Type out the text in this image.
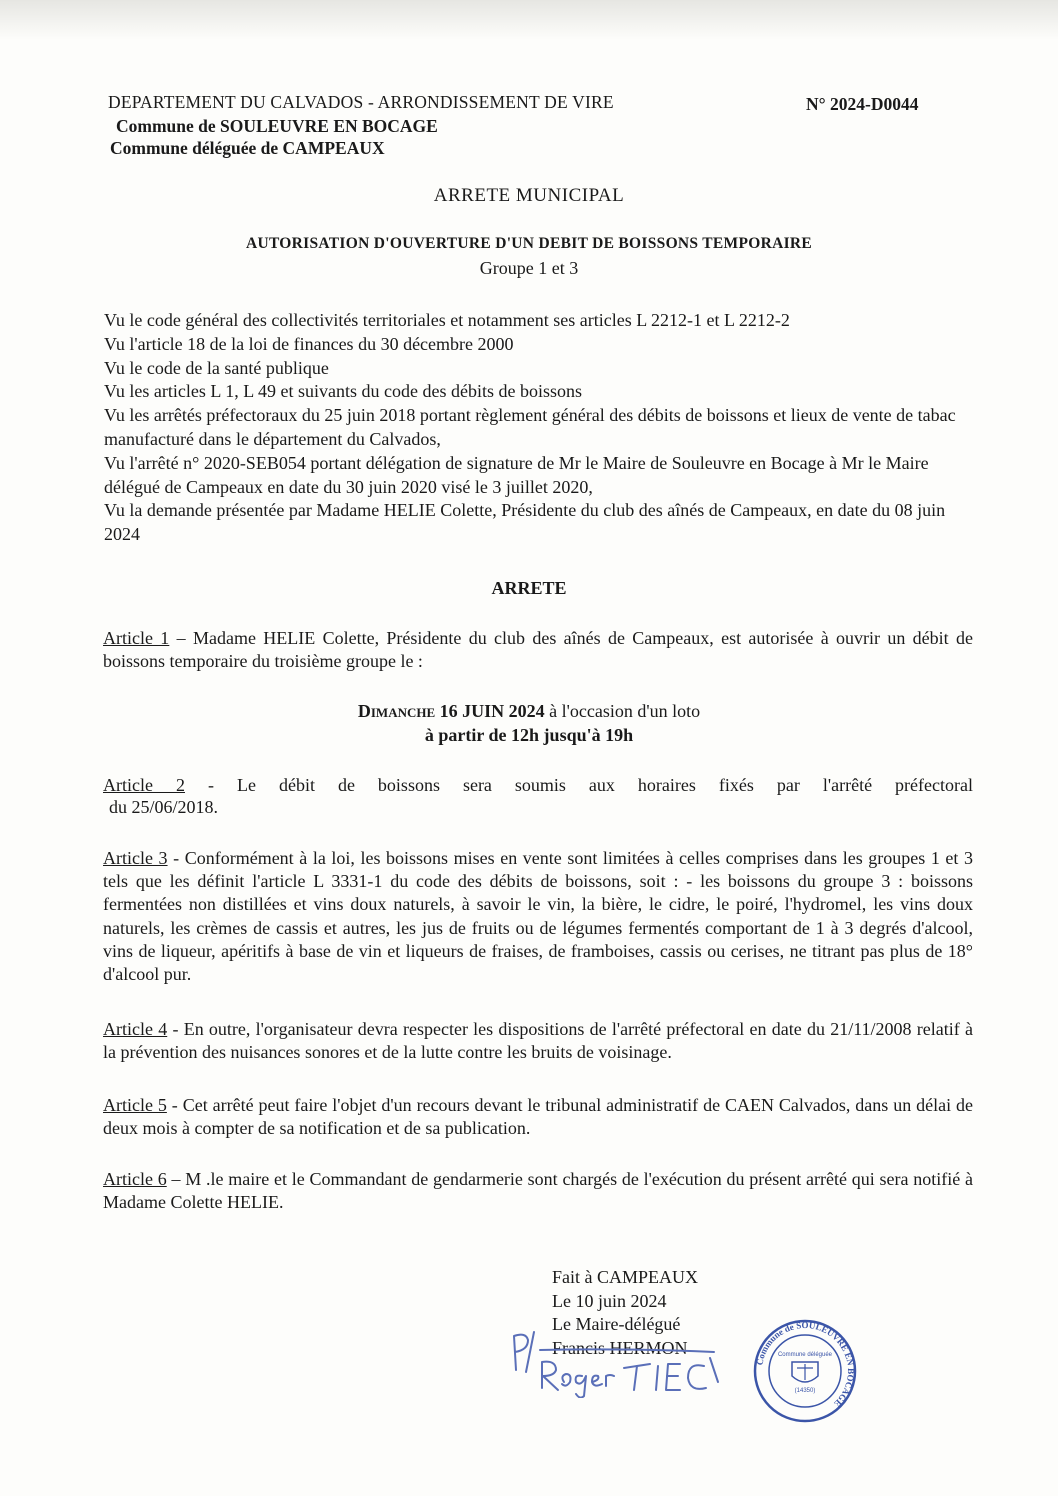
DEPARTEMENT DU CALVADOS - ARRONDISSEMENT DE VIRE	N° 2024-D0044
Commune de SOULEUVRE EN BOCAGE
Commune déléguée de CAMPEAUX
ARRETE MUNICIPAL
AUTORISATION D'OUVERTURE D'UN DEBIT DE BOISSONS TEMPORAIRE
Groupe 1 et 3
Vu le code général des collectivités territoriales et notamment ses articles L 2212-1 et L 2212-2
Vu l'article 18 de la loi de finances du 30 décembre 2000
Vu le code de la santé publique
Vu les articles L 1, L 49 et suivants du code des débits de boissons
Vu les arrêtés préfectoraux du 25 juin 2018 portant règlement général des débits de boissons et lieux de vente de tabac manufacturé dans le département du Calvados,
Vu l'arrêté n° 2020-SEB054 portant délégation de signature de Mr le Maire de Souleuvre en Bocage à Mr le Maire délégué de Campeaux en date du 30 juin 2020 visé le 3 juillet 2020,
Vu la demande présentée par Madame HELIE Colette, Présidente du club des aînés de Campeaux, en date du 08 juin 2024
ARRETE
Article 1 – Madame HELIE Colette, Présidente du club des aînés de Campeaux, est autorisée à ouvrir un débit de boissons temporaire du troisième groupe le :
Dimanche 16 JUIN 2024 à l'occasion d'un loto
à partir de 12h jusqu'à 19h
Article 2 - Le débit de boissons sera soumis aux horaires fixés par l'arrêté préfectoral
du 25/06/2018.
Article 3 - Conformément à la loi, les boissons mises en vente sont limitées à celles comprises dans les groupes 1 et 3 tels que les définit l'article L 3331-1 du code des débits de boissons, soit : - les boissons du groupe 3 : boissons fermentées non distillées et vins doux naturels, à savoir le vin, la bière, le cidre, le poiré, l'hydromel, les vins doux naturels, les crèmes de cassis et autres, les jus de fruits ou de légumes fermentés comportant de 1 à 3 degrés d'alcool, vins de liqueur, apéritifs à base de vin et liqueurs de fraises, de framboises, cassis ou cerises, ne titrant pas plus de 18° d'alcool pur.
Article 4 - En outre, l'organisateur devra respecter les dispositions de l'arrêté préfectoral en date du 21/11/2008 relatif à la prévention des nuisances sonores et de la lutte contre les bruits de voisinage.
Article 5 - Cet arrêté peut faire l'objet d'un recours devant le tribunal administratif de CAEN Calvados, dans un délai de deux mois à compter de sa notification et de sa publication.
Article 6 – M .le maire et le Commandant de gendarmerie sont chargés de l'exécution du présent arrêté qui sera notifié à Madame Colette HELIE.
Fait à CAMPEAUX
Le 10 juin 2024
Le Maire-délégué
Francis HERMON
Commune de SOULEUVRE EN BOCAGE
Commune déléguée
(14350)
